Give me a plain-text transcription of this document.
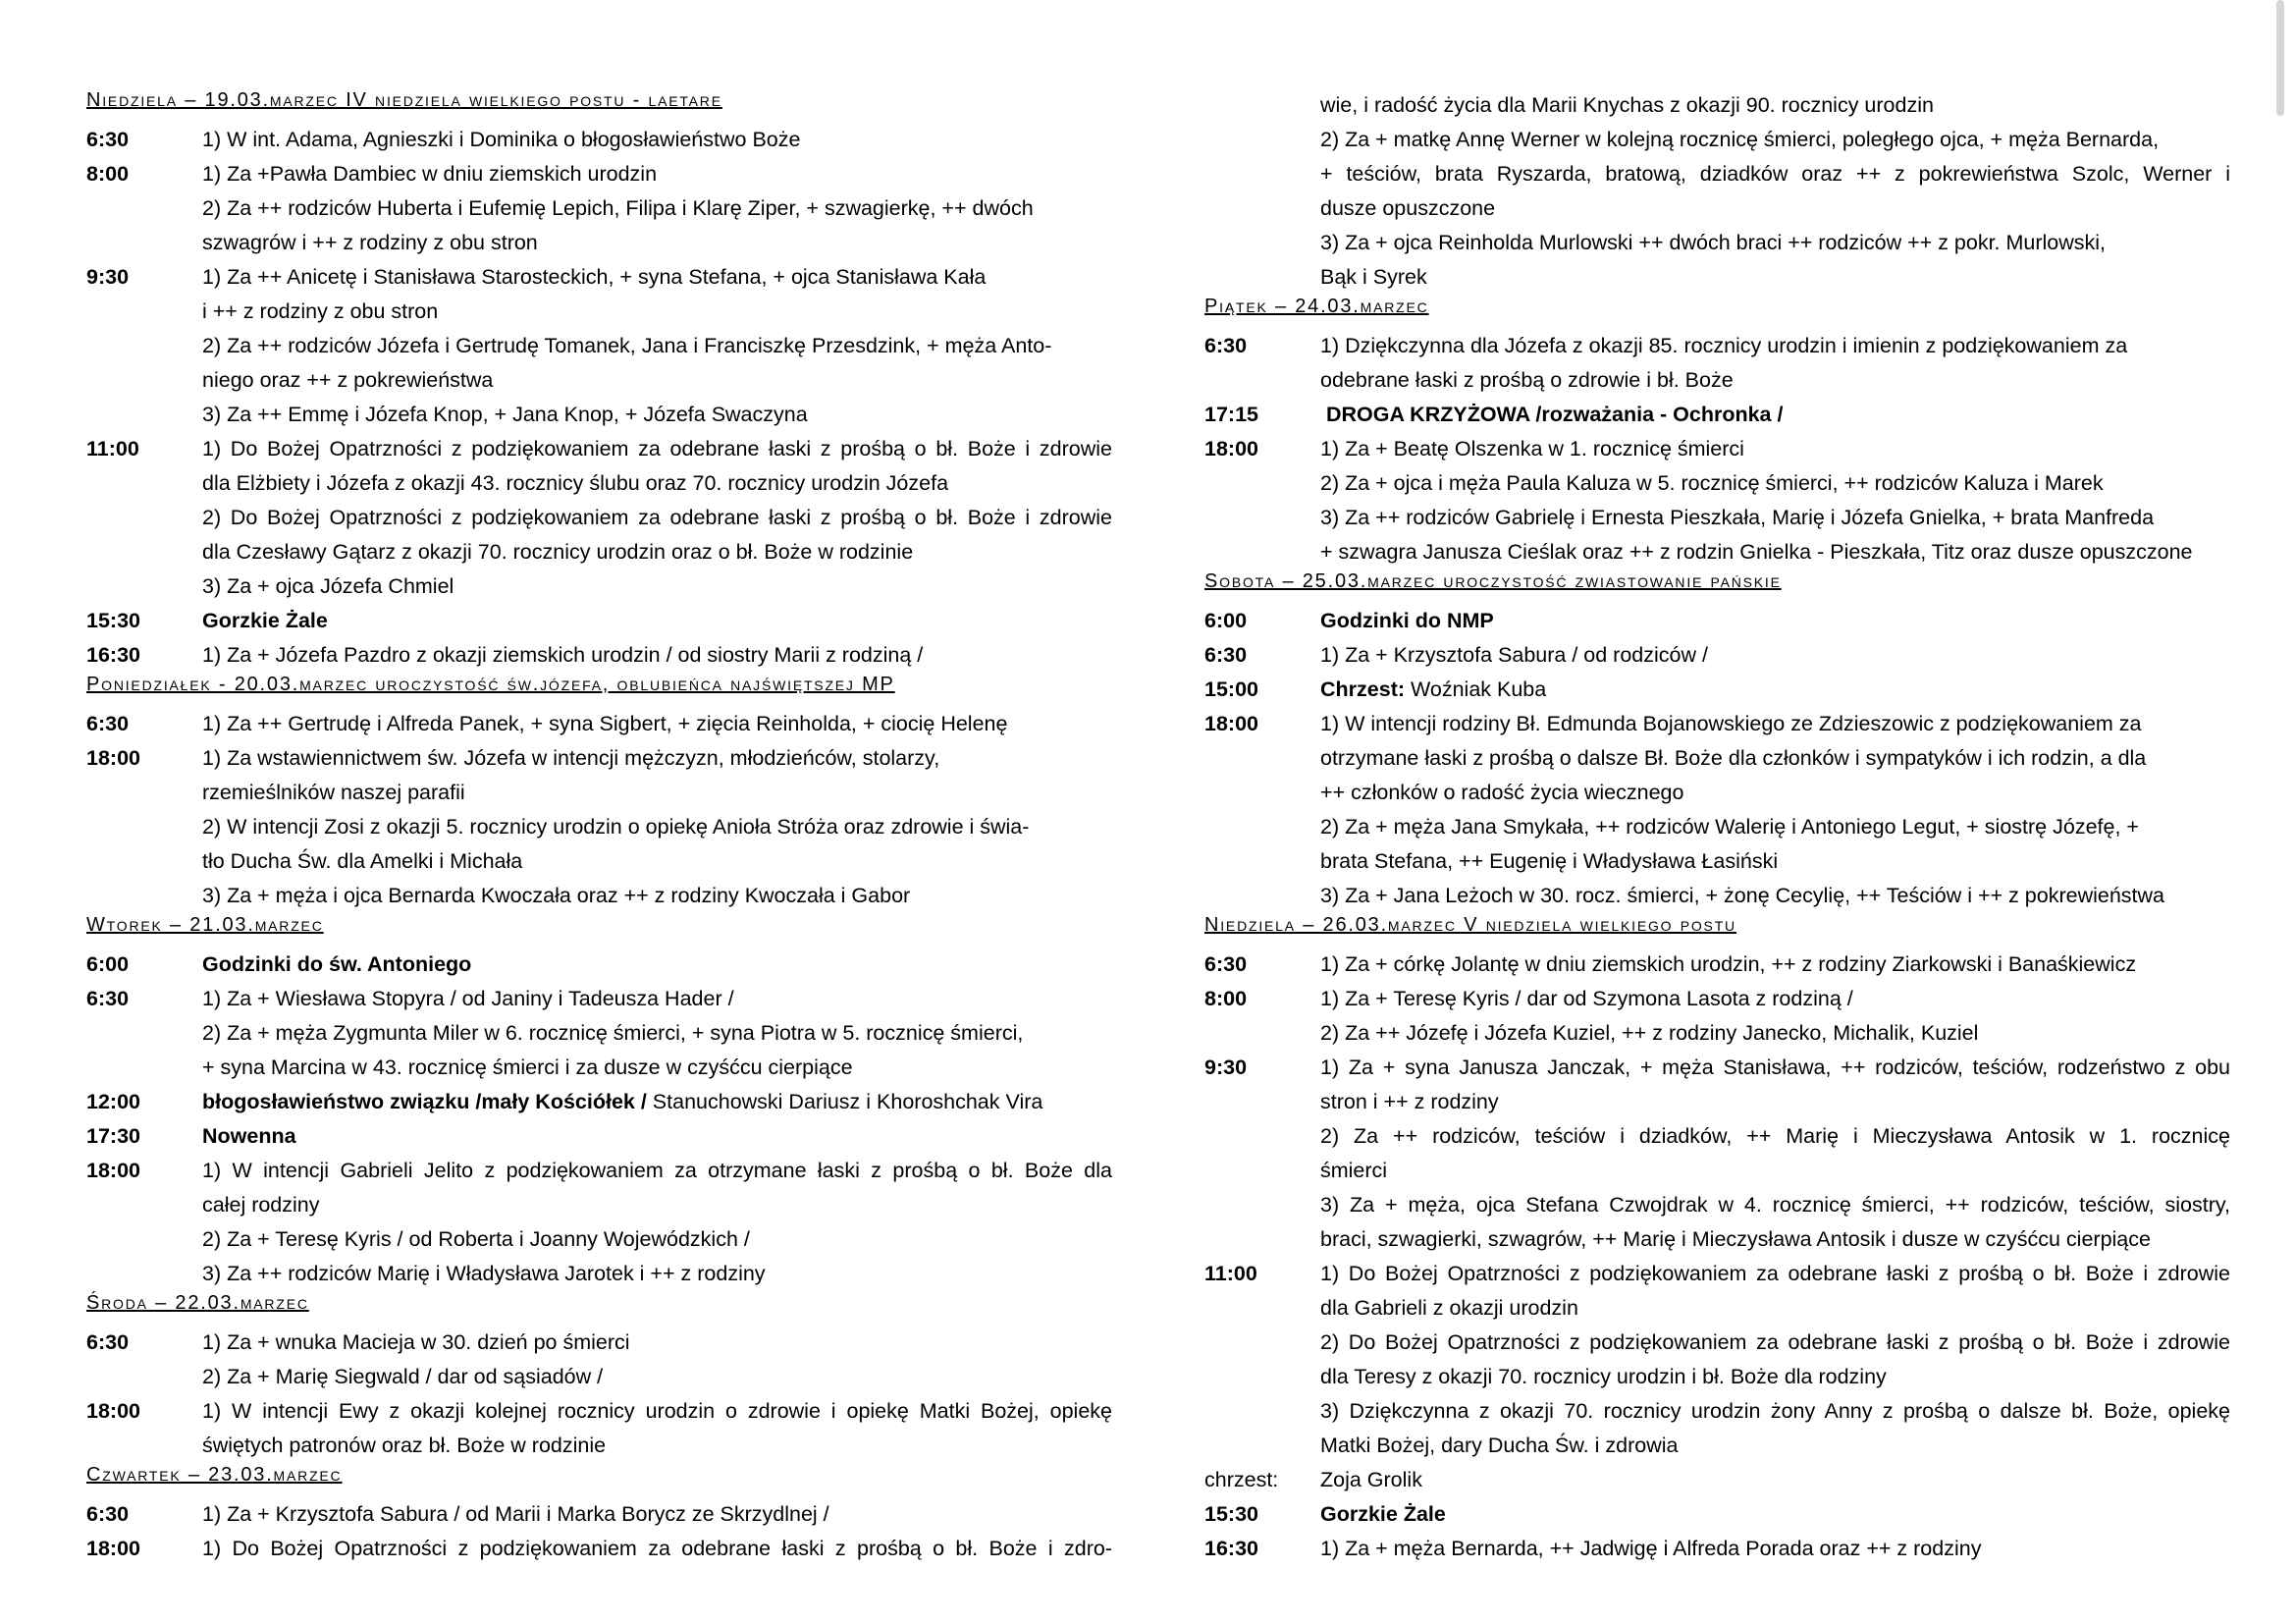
Niedziela – 19.03.marzec IV niedziela wielkiego postu - laetare
6:30	1) W int. Adama, Agnieszki i Dominika o błogosławieństwo Boże
8:00	1) Za +Pawła Dambiec w dniu ziemskich urodzin
2) Za ++ rodziców Huberta i Eufemię Lepich, Filipa i Klarę Ziper, + szwagierkę, ++ dwóch
szwagrów i ++ z rodziny z obu stron
9:30	1) Za ++ Anicetę i Stanisława Starosteckich, + syna Stefana, + ojca Stanisława Kała
i ++ z rodziny z obu stron
2) Za ++ rodziców Józefa i Gertrudę Tomanek, Jana i Franciszkę Przesdzink, + męża Anto-
niego oraz ++ z pokrewieństwa
3) Za ++ Emmę i Józefa Knop, + Jana Knop, + Józefa Swaczyna
11:00	1) Do Bożej Opatrzności z podziękowaniem za odebrane łaski z prośbą o bł. Boże i zdrowie
dla Elżbiety i Józefa z okazji 43. rocznicy ślubu oraz 70. rocznicy urodzin Józefa
2) Do Bożej Opatrzności z podziękowaniem za odebrane łaski z prośbą o bł. Boże i zdrowie
dla Czesławy Gątarz z okazji 70. rocznicy urodzin oraz o bł. Boże w rodzinie
3) Za + ojca Józefa Chmiel
15:30	Gorzkie Żale
16:30	1) Za + Józefa Pazdro z okazji ziemskich urodzin / od siostry Marii z rodziną /
Poniedziałek - 20.03.marzec uroczystość św.józefa, oblubieńca najświętszej MP
6:30	1) Za ++ Gertrudę i Alfreda Panek, + syna Sigbert, + zięcia Reinholda, + ciocię Helenę
18:00	1) Za wstawiennictwem św. Józefa w intencji mężczyzn, młodzieńców, stolarzy,
rzemieślników naszej parafii
2) W intencji Zosi z okazji 5. rocznicy urodzin o opiekę Anioła Stróża oraz zdrowie i świa-
tło Ducha Św. dla Amelki i Michała
3) Za + męża i ojca Bernarda Kwoczała oraz ++ z rodziny Kwoczała i Gabor
Wtorek – 21.03.marzec
6:00	Godzinki do św. Antoniego
6:30	1) Za + Wiesława Stopyra / od Janiny i Tadeusza Hader /
2) Za + męża Zygmunta Miler w 6. rocznicę śmierci, + syna Piotra w 5. rocznicę śmierci,
+ syna Marcina w 43. rocznicę śmierci i za dusze w czyśćcu cierpiące
12:00	błogosławieństwo związku /mały Kościółek / Stanuchowski Dariusz i Khoroshchak Vira
17:30	Nowenna
18:00	1) W intencji Gabrieli Jelito z podziękowaniem za otrzymane łaski z prośbą o bł. Boże dla
całej rodziny
2) Za + Teresę Kyris / od Roberta i Joanny Wojewódzkich /
3) Za ++ rodziców Marię i Władysława Jarotek i ++ z rodziny
Środa – 22.03.marzec
6:30	1) Za + wnuka Macieja w 30. dzień po śmierci
2) Za + Marię Siegwald / dar od sąsiadów /
18:00	1) W intencji Ewy z okazji kolejnej rocznicy urodzin o zdrowie i opiekę Matki Bożej, opiekę
świętych patronów oraz bł. Boże w rodzinie
Czwartek – 23.03.marzec
6:30	1) Za + Krzysztofa Sabura / od Marii i Marka Borycz ze Skrzydlnej /
18:00	1) Do Bożej Opatrzności z podziękowaniem za odebrane łaski z prośbą o bł. Boże i zdro-
wie, i radość życia dla Marii Knychas z okazji 90. rocznicy urodzin
2) Za + matkę Annę Werner w kolejną rocznicę śmierci, poległego ojca, + męża Bernarda,
+ teściów, brata Ryszarda, bratową, dziadków oraz ++ z pokrewieństwa Szolc, Werner i
dusze opuszczone
3) Za + ojca Reinholda Murlowski ++ dwóch braci ++ rodziców ++ z pokr. Murlowski,
Bąk i Syrek
Piątek – 24.03.marzec
6:30	1) Dziękczynna dla Józefa z okazji 85. rocznicy urodzin i imienin z podziękowaniem za
odebrane łaski z prośbą o zdrowie i bł. Boże
17:15	DROGA KRZYŻOWA /rozważania - Ochronka /
18:00	1) Za + Beatę Olszenka w 1. rocznicę śmierci
2) Za + ojca i męża Paula Kaluza w 5. rocznicę śmierci, ++ rodziców Kaluza i Marek
3) Za ++ rodziców Gabrielę i Ernesta Pieszkała, Marię i Józefa Gnielka, + brata Manfreda
+ szwagra Janusza Cieślak oraz ++ z rodzin Gnielka - Pieszkała, Titz oraz dusze opuszczone
Sobota – 25.03.marzec uroczystość zwiastowanie pańskie
6:00	Godzinki do NMP
6:30	1) Za + Krzysztofa Sabura / od rodziców /
15:00	Chrzest: Woźniak Kuba
18:00	1) W intencji rodziny Bł. Edmunda Bojanowskiego ze Zdzieszowic z podziękowaniem za
otrzymane łaski z prośbą o dalsze Bł. Boże dla członków i sympatyków i ich rodzin, a dla
++ członków o radość życia wiecznego
2) Za + męża Jana Smykała, ++ rodziców Walerię i Antoniego Legut, + siostrę Józefę, +
brata Stefana, ++ Eugenię i Władysława Łasiński
3) Za + Jana Leżoch w 30. rocz. śmierci, + żonę Cecylię, ++ Teściów i ++ z pokrewieństwa
Niedziela – 26.03.marzec V niedziela wielkiego postu
6:30	1) Za + córkę Jolantę w dniu ziemskich urodzin, ++ z rodziny Ziarkowski i Banaśkiewicz
8:00	1) Za + Teresę Kyris / dar od Szymona Lasota z rodziną /
2) Za ++ Józefę i Józefa Kuziel, ++ z rodziny Janecko, Michalik, Kuziel
9:30	1) Za + syna Janusza Janczak, + męża Stanisława, ++ rodziców, teściów, rodzeństwo z obu
stron i ++ z rodziny
2) Za ++ rodziców, teściów i dziadków, ++ Marię i Mieczysława Antosik w 1. rocznicę
śmierci
3) Za + męża, ojca Stefana Czwojdrak w 4. rocznicę śmierci, ++ rodziców, teściów, siostry,
braci, szwagierki, szwagrów, ++ Marię i Mieczysława Antosik i dusze w czyśćcu cierpiące
11:00	1) Do Bożej Opatrzności z podziękowaniem za odebrane łaski z prośbą o bł. Boże i zdrowie
dla Gabrieli z okazji urodzin
2) Do Bożej Opatrzności z podziękowaniem za odebrane łaski z prośbą o bł. Boże i zdrowie
dla Teresy z okazji 70. rocznicy urodzin i bł. Boże dla rodziny
3) Dziękczynna z okazji 70. rocznicy urodzin żony Anny z prośbą o dalsze bł. Boże, opiekę
Matki Bożej, dary Ducha Św. i zdrowia
chrzest:	Zoja Grolik
15:30	Gorzkie Żale
16:30	1) Za + męża Bernarda, ++ Jadwigę i Alfreda Porada oraz ++ z rodziny
